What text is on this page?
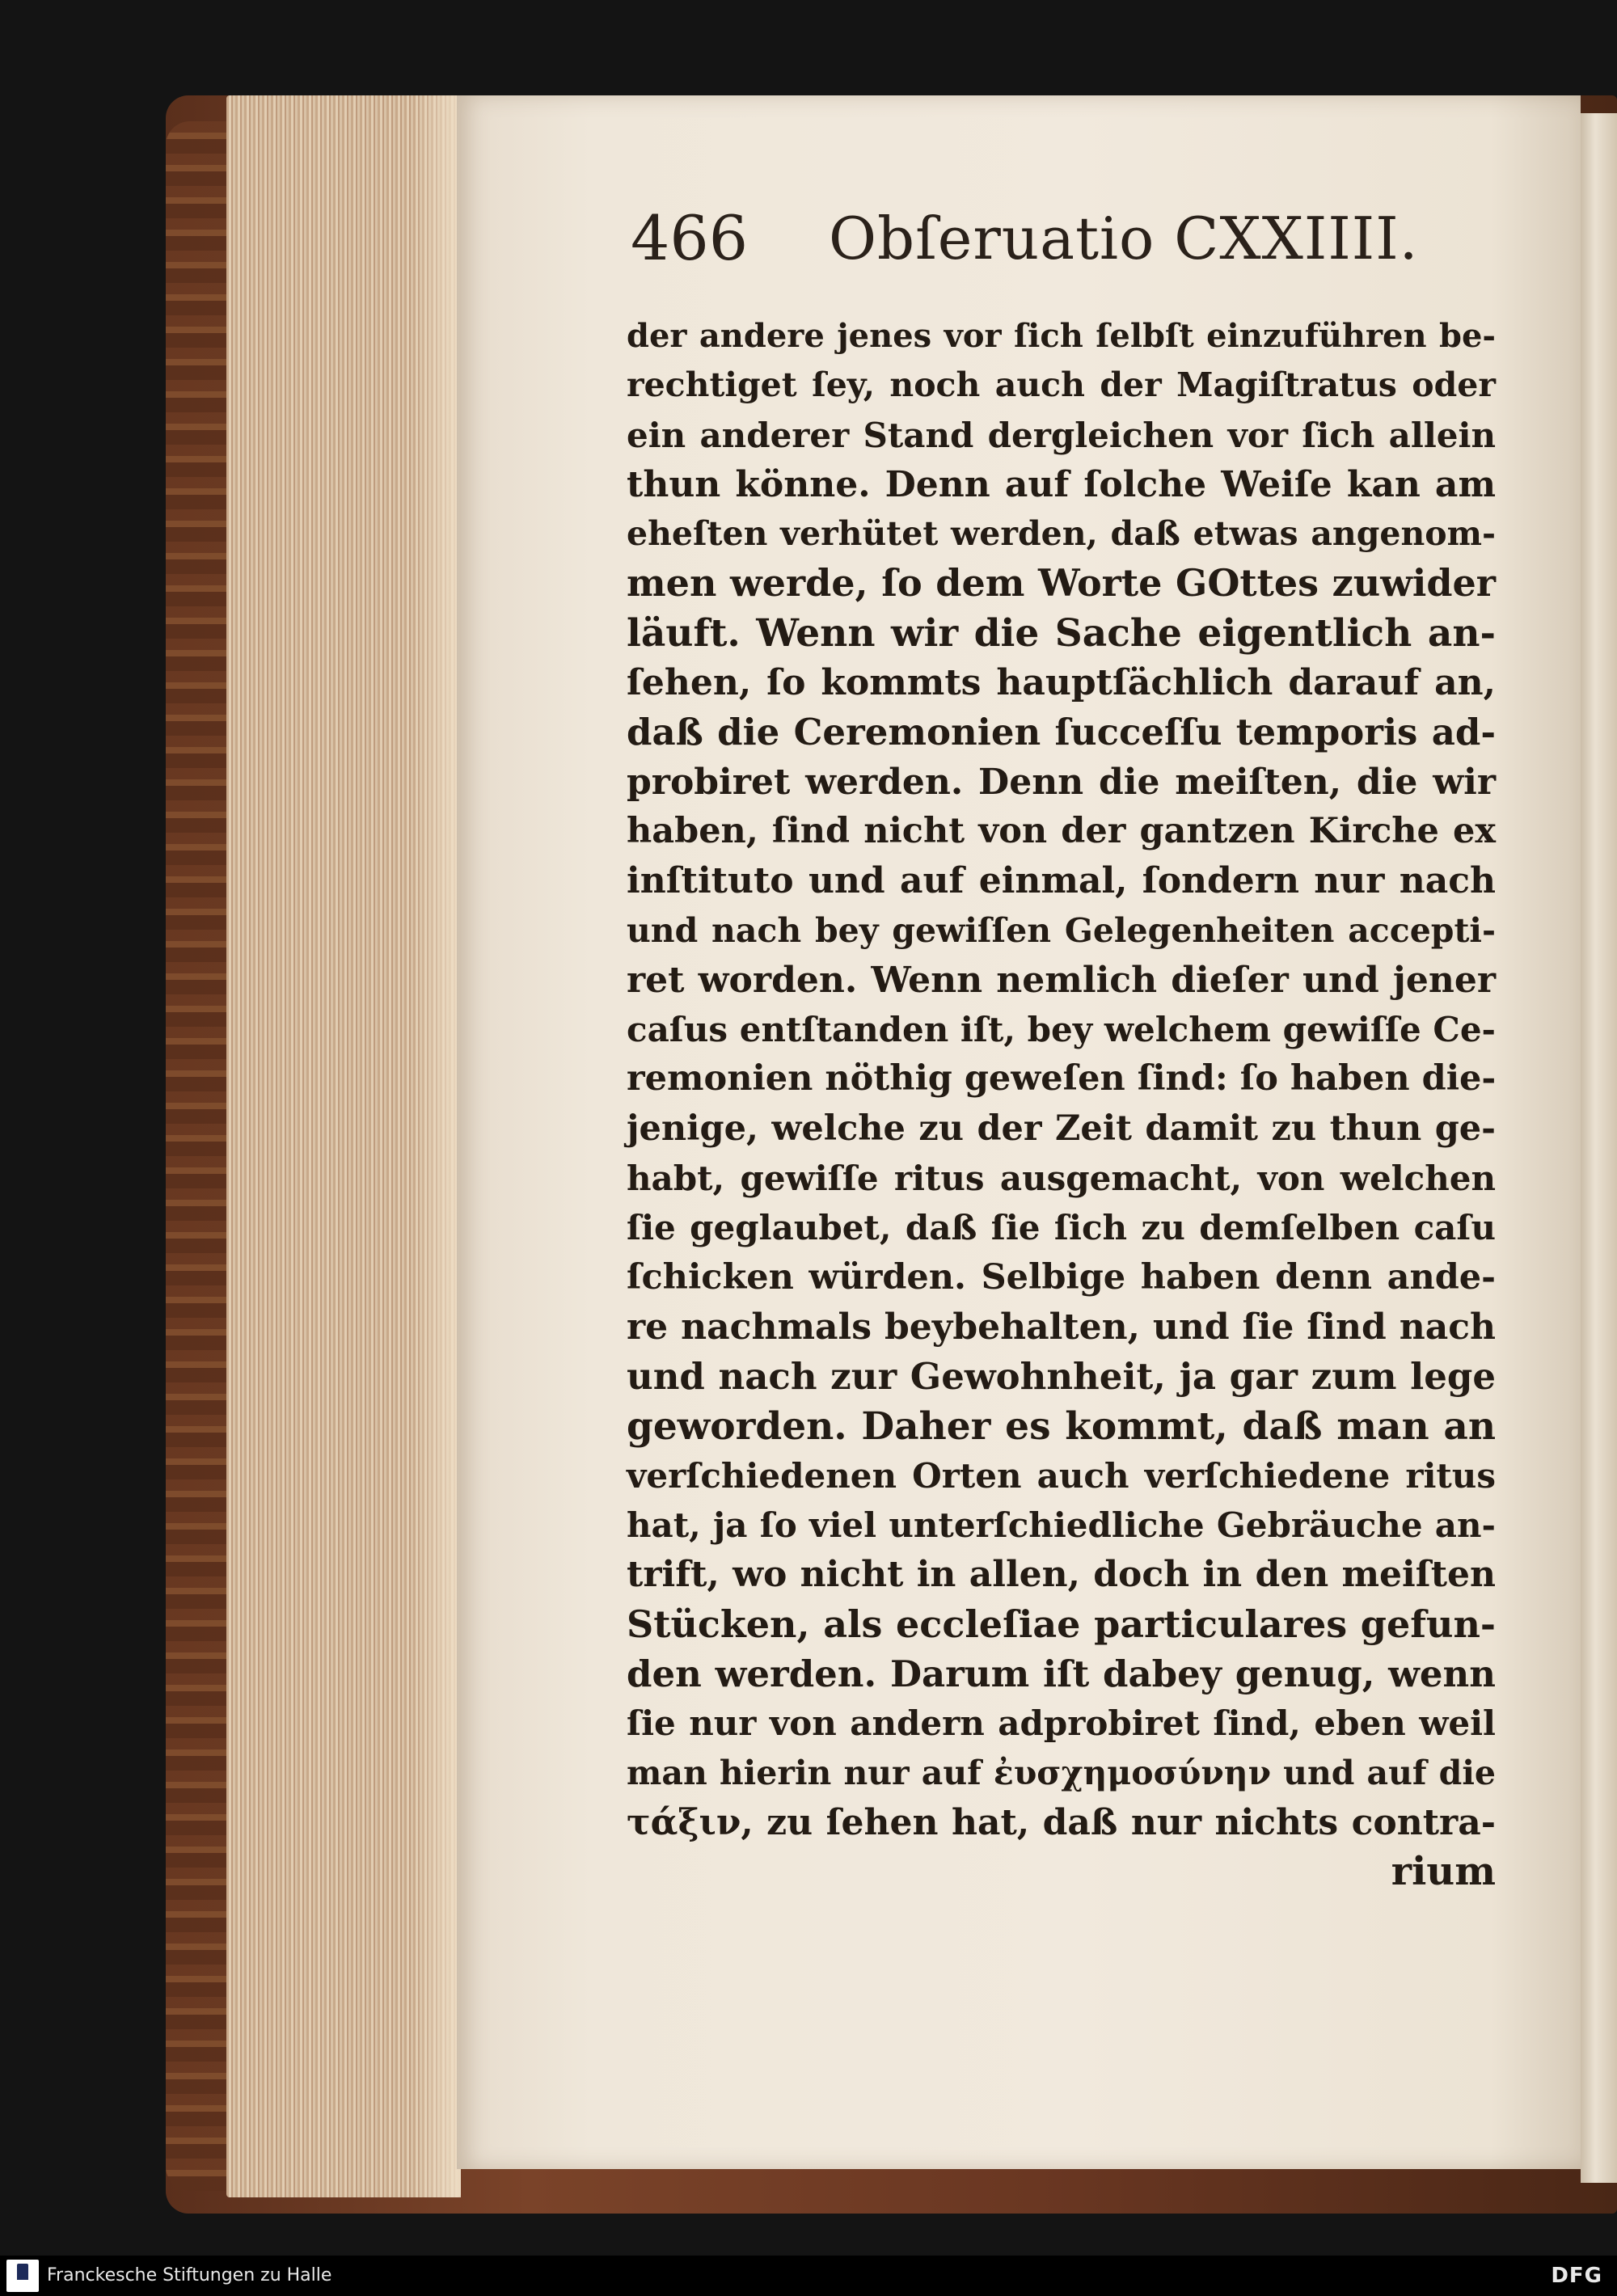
466 Obſeruatio CXXIIII.
der andere jenes vor ſich ſelbſt einzuführen be-
rechtiget ſey, noch auch der Magiſtratus oder
ein anderer Stand dergleichen vor ſich allein
thun könne. Denn auf ſolche Weiſe kan am
eheſten verhütet werden, daß etwas angenom-
men werde, ſo dem Worte GOttes zuwider
läuft. Wenn wir die Sache eigentlich an-
ſehen, ſo kommts hauptſächlich darauf an,
daß die Ceremonien ſucceſſu temporis ad-
probiret werden. Denn die meiſten, die wir
haben, ſind nicht von der gantzen Kirche ex
inſtituto und auf einmal, ſondern nur nach
und nach bey gewiſſen Gelegenheiten accepti-
ret worden. Wenn nemlich dieſer und jener
caſus entſtanden iſt, bey welchem gewiſſe Ce-
remonien nöthig geweſen ſind: ſo haben die-
jenige, welche zu der Zeit damit zu thun ge-
habt, gewiſſe ritus ausgemacht, von welchen
ſie geglaubet, daß ſie ſich zu demſelben caſu
ſchicken würden. Selbige haben denn ande-
re nachmals beybehalten, und ſie ſind nach
und nach zur Gewohnheit, ja gar zum lege
geworden. Daher es kommt, daß man an
verſchiedenen Orten auch verſchiedene ritus
hat, ja ſo viel unterſchiedliche Gebräuche an-
trift, wo nicht in allen, doch in den meiſten
Stücken, als eccleſiae particulares gefun-
den werden. Darum iſt dabey genug, wenn
ſie nur von andern adprobiret ſind, eben weil
man hierin nur auf ἐυσχημοσύνην und auf die
τάξιν, zu ſehen hat, daß nur nichts contra-
rium
Franckesche Stiftungen zu Halle	DFG
